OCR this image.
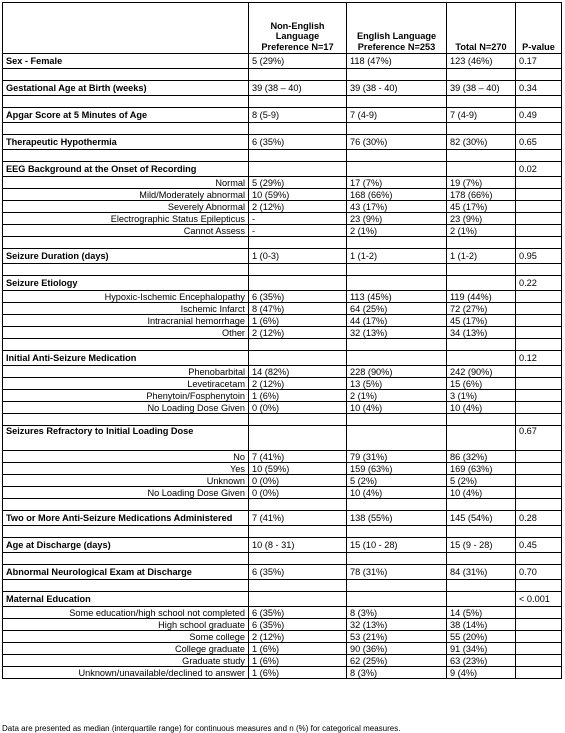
	Non-English Language Preference N=17	English Language Preference N=253	Total N=270	P-value
Sex - Female	5 (29%)	118 (47%)	123 (46%)	0.17

Gestational Age at Birth (weeks)	39 (38 – 40)	39 (38 - 40)	39 (38 – 40)	0.34

Apgar Score at 5 Minutes of Age	8 (5-9)	7 (4-9)	7 (4-9)	0.49

Therapeutic Hypothermia	6 (35%)	76 (30%)	82 (30%)	0.65

EEG Background at the Onset of Recording				0.02
Normal	5 (29%)	17 (7%)	19 (7%)	
Mild/Moderately abnormal	10 (59%)	168 (66%)	178 (66%)	
Severely Abnormal	2 (12%)	43 (17%)	45 (17%)	
Electrographic Status Epilepticus	-	23 (9%)	23 (9%)	
Cannot Assess	-	2 (1%)	2 (1%)	

Seizure Duration (days)	1 (0-3)	1 (1-2)	1 (1-2)	0.95

Seizure Etiology				0.22
Hypoxic-Ischemic Encephalopathy	6 (35%)	113 (45%)	119 (44%)	
Ischemic Infarct	8 (47%)	64 (25%)	72 (27%)	
Intracranial hemorrhage	1 (6%)	44 (17%)	45 (17%)	
Other	2 (12%)	32 (13%)	34 (13%)	

Initial Anti-Seizure Medication				0.12
Phenobarbital	14 (82%)	228 (90%)	242 (90%)	
Levetiracetam	2 (12%)	13 (5%)	15 (6%)	
Phenytoin/Fosphenytoin	1 (6%)	2 (1%)	3 (1%)	
No Loading Dose Given	0 (0%)	10 (4%)	10 (4%)	

Seizures Refractory to Initial Loading Dose				0.67
No	7 (41%)	79 (31%)	86 (32%)	
Yes	10 (59%)	159 (63%)	169 (63%)	
Unknown	0 (0%)	5 (2%)	5 (2%)	
No Loading Dose Given	0 (0%)	10 (4%)	10 (4%)	

Two or More Anti-Seizure Medications Administered	7 (41%)	138 (55%)	145 (54%)	0.28

Age at Discharge (days)	10 (8 - 31)	15 (10 - 28)	15 (9 - 28)	0.45

Abnormal Neurological Exam at Discharge	6 (35%)	78 (31%)	84 (31%)	0.70

Maternal Education				< 0.001
Some education/high school not completed	6 (35%)	8 (3%)	14 (5%)	
High school graduate	6 (35%)	32 (13%)	38 (14%)	
Some college	2 (12%)	53 (21%)	55 (20%)	
College graduate	1 (6%)	90 (36%)	91 (34%)	
Graduate study	1 (6%)	62 (25%)	63 (23%)	
Unknown/unavailable/declined to answer	1 (6%)	8 (3%)	9 (4%)	
Data are presented as median (interquartile range) for continuous measures and n (%) for categorical measures.
